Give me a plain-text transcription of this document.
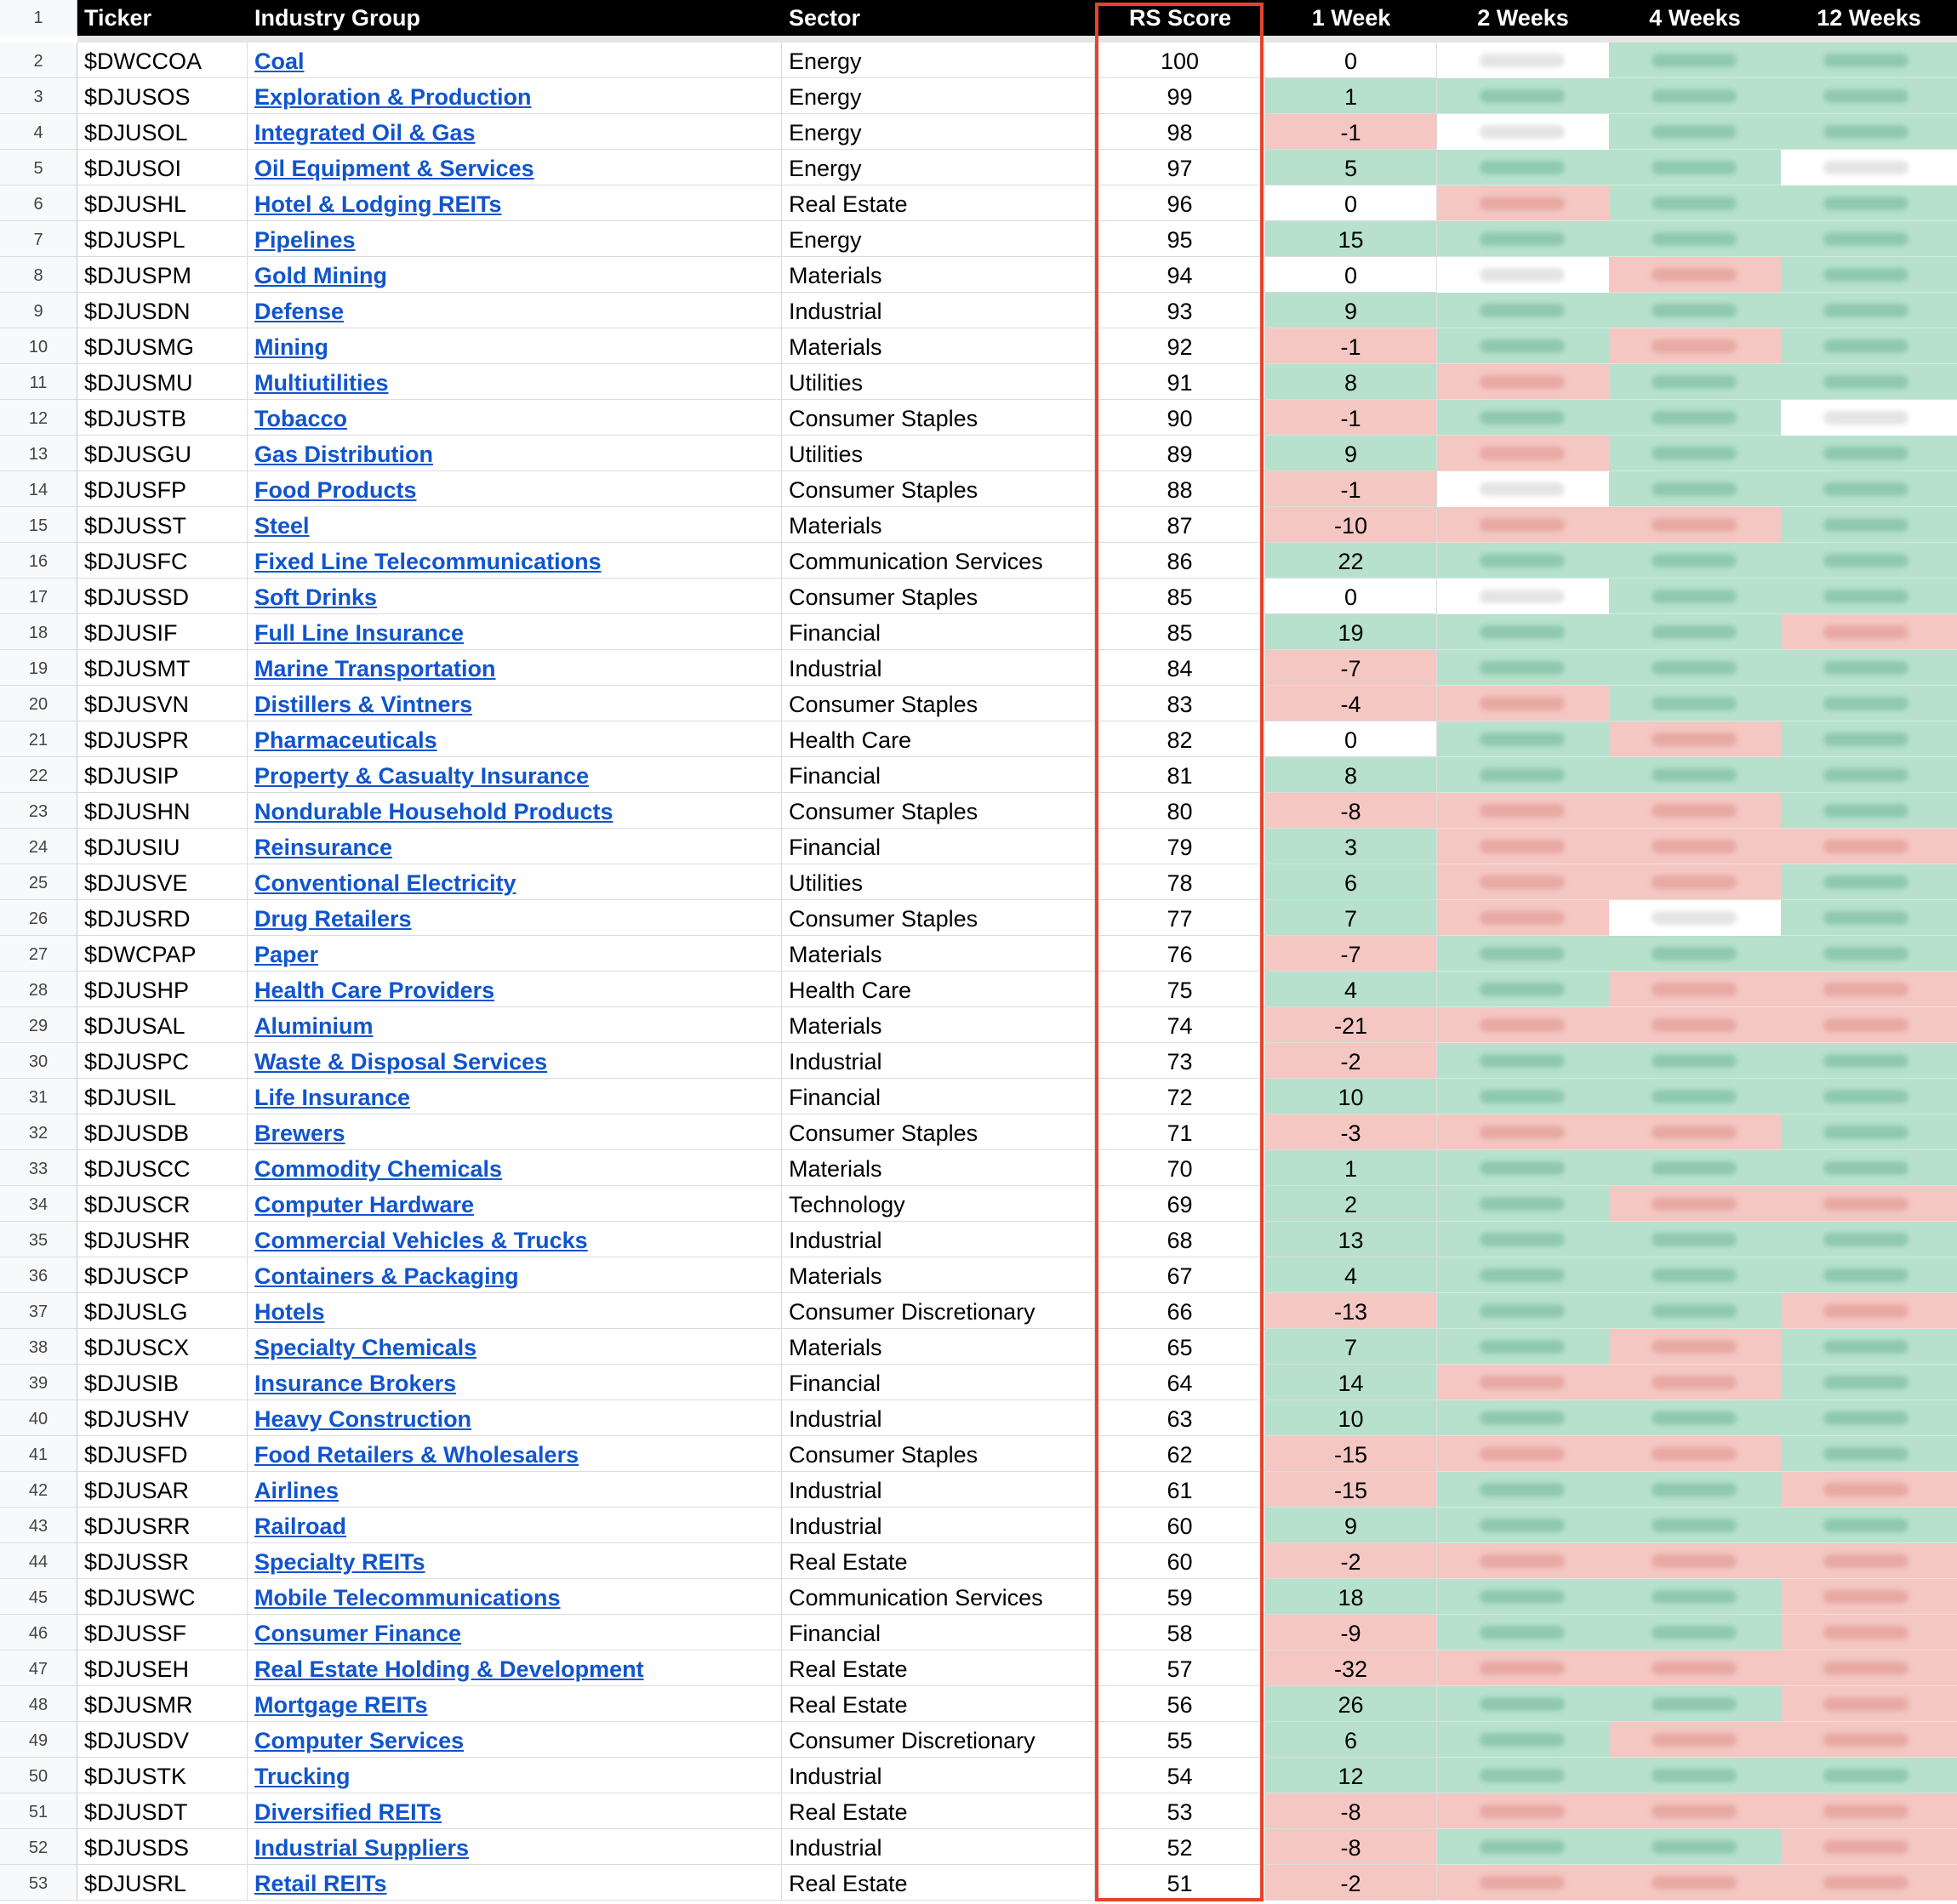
1	Ticker	Industry Group	Sector	RS Score	1 Week	2 Weeks	4 Weeks	12 Weeks
2	$DWCCOA	Coal	Energy	100	0
3	$DJUSOS	Exploration & Production	Energy	99	1
4	$DJUSOL	Integrated Oil & Gas	Energy	98	-1
5	$DJUSOI	Oil Equipment & Services	Energy	97	5
6	$DJUSHL	Hotel & Lodging REITs	Real Estate	96	0
7	$DJUSPL	Pipelines	Energy	95	15
8	$DJUSPM	Gold Mining	Materials	94	0
9	$DJUSDN	Defense	Industrial	93	9
10	$DJUSMG	Mining	Materials	92	-1
11	$DJUSMU	Multiutilities	Utilities	91	8
12	$DJUSTB	Tobacco	Consumer Staples	90	-1
13	$DJUSGU	Gas Distribution	Utilities	89	9
14	$DJUSFP	Food Products	Consumer Staples	88	-1
15	$DJUSST	Steel	Materials	87	-10
16	$DJUSFC	Fixed Line Telecommunications	Communication Services	86	22
17	$DJUSSD	Soft Drinks	Consumer Staples	85	0
18	$DJUSIF	Full Line Insurance	Financial	85	19
19	$DJUSMT	Marine Transportation	Industrial	84	-7
20	$DJUSVN	Distillers & Vintners	Consumer Staples	83	-4
21	$DJUSPR	Pharmaceuticals	Health Care	82	0
22	$DJUSIP	Property & Casualty Insurance	Financial	81	8
23	$DJUSHN	Nondurable Household Products	Consumer Staples	80	-8
24	$DJUSIU	Reinsurance	Financial	79	3
25	$DJUSVE	Conventional Electricity	Utilities	78	6
26	$DJUSRD	Drug Retailers	Consumer Staples	77	7
27	$DWCPAP	Paper	Materials	76	-7
28	$DJUSHP	Health Care Providers	Health Care	75	4
29	$DJUSAL	Aluminium	Materials	74	-21
30	$DJUSPC	Waste & Disposal Services	Industrial	73	-2
31	$DJUSIL	Life Insurance	Financial	72	10
32	$DJUSDB	Brewers	Consumer Staples	71	-3
33	$DJUSCC	Commodity Chemicals	Materials	70	1
34	$DJUSCR	Computer Hardware	Technology	69	2
35	$DJUSHR	Commercial Vehicles & Trucks	Industrial	68	13
36	$DJUSCP	Containers & Packaging	Materials	67	4
37	$DJUSLG	Hotels	Consumer Discretionary	66	-13
38	$DJUSCX	Specialty Chemicals	Materials	65	7
39	$DJUSIB	Insurance Brokers	Financial	64	14
40	$DJUSHV	Heavy Construction	Industrial	63	10
41	$DJUSFD	Food Retailers & Wholesalers	Consumer Staples	62	-15
42	$DJUSAR	Airlines	Industrial	61	-15
43	$DJUSRR	Railroad	Industrial	60	9
44	$DJUSSR	Specialty REITs	Real Estate	60	-2
45	$DJUSWC	Mobile Telecommunications	Communication Services	59	18
46	$DJUSSF	Consumer Finance	Financial	58	-9
47	$DJUSEH	Real Estate Holding & Development	Real Estate	57	-32
48	$DJUSMR	Mortgage REITs	Real Estate	56	26
49	$DJUSDV	Computer Services	Consumer Discretionary	55	6
50	$DJUSTK	Trucking	Industrial	54	12
51	$DJUSDT	Diversified REITs	Real Estate	53	-8
52	$DJUSDS	Industrial Suppliers	Industrial	52	-8
53	$DJUSRL	Retail REITs	Real Estate	51	-2
